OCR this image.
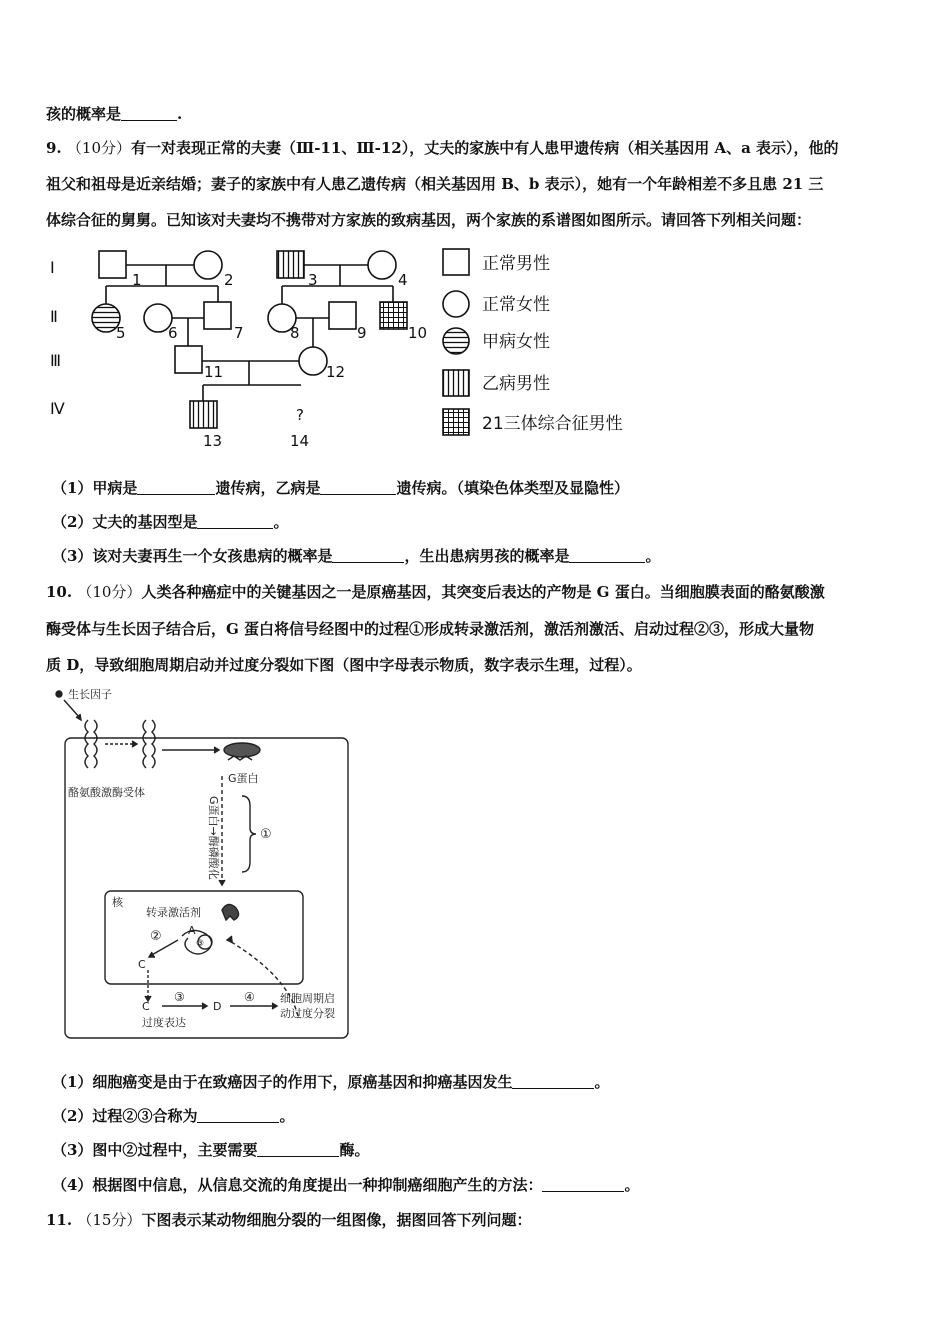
孩的概率是	.
9. （10分）有一对表现正常的夫妻（Ⅲ-11、Ⅲ-12），丈夫的家族中有人患甲遗传病（相关基因用 A、a 表示），他的
祖父和祖母是近亲结婚；妻子的家族中有人患乙遗传病（相关基因用 B、b 表示），她有一个年龄相差不多且患 21 三
体综合征的舅舅。已知该对夫妻均不携带对方家族的致病基因，两个家族的系谱图如图所示。请回答下列相关问题：
Ⅰ
Ⅱ
Ⅲ
Ⅳ
1	2	3	4
5	6	7	8	9	10
11	12
?
13	14
正常男性
正常女性
甲病女性
乙病男性
21三体综合征男性
（1）甲病是	遗传病，乙病是	遗传病。（填染色体类型及显隐性）
（2）丈夫的基因型是	。
（3）该对夫妻再生一个女孩患病的概率是	，生出患病男孩的概率是	。
10. （10分）人类各种癌症中的关键基因之一是原癌基因，其突变后表达的产物是 G 蛋白。当细胞膜表面的酪氨酸激
酶受体与生长因子结合后，G 蛋白将信号经图中的过程①形成转录激活剂，激活剂激活、启动过程②③，形成大量物
质 D，导致细胞周期启动并过度分裂如下图（图中字母表示物质，数字表示生理，过程）。
生长因子
酪氨酸激酶受体
G蛋白
①
核
转录激活剂
A
③
②
C
C
过度表达
③
D
④ 细胞周期启
动过度分裂
G蛋白→酶磷酸化
（1）细胞癌变是由于在致癌因子的作用下，原癌基因和抑癌基因发生	。
（2）过程②③合称为	。
（3）图中②过程中，主要需要	酶。
（4）根据图中信息，从信息交流的角度提出一种抑制癌细胞产生的方法：	。
11. （15分）下图表示某动物细胞分裂的一组图像，据图回答下列问题：
